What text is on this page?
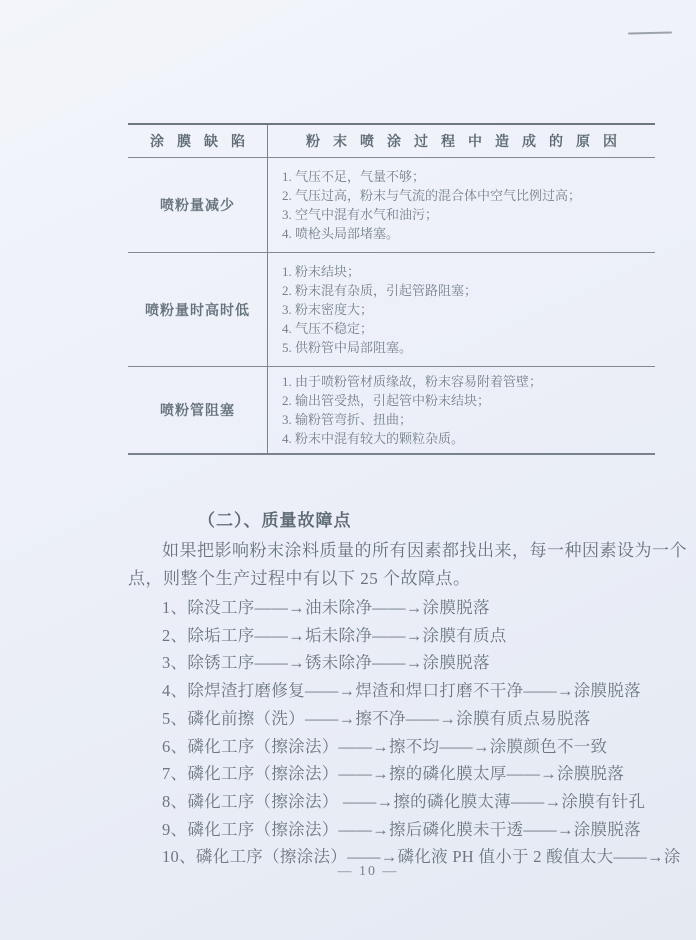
涂膜缺陷	粉末喷涂过程中造成的原因
喷粉量减少
1. 气压不足，气量不够；
2. 气压过高，粉末与气流的混合体中空气比例过高；
3. 空气中混有水气和油污；
4. 喷枪头局部堵塞。
喷粉量时高时低
1. 粉末结块；
2. 粉末混有杂质，引起管路阻塞；
3. 粉末密度大；
4. 气压不稳定；
5. 供粉管中局部阻塞。
喷粉管阻塞
1. 由于喷粉管材质缘故，粉末容易附着管壁；
2. 输出管受热，引起管中粉末结块；
3. 输粉管弯折、扭曲；
4. 粉末中混有较大的颗粒杂质。
（二）、质量故障点
如果把影响粉末涂料质量的所有因素都找出来，每一种因素设为一个
点，则整个生产过程中有以下 25 个故障点。
1、除没工序——→油未除净——→涂膜脱落
2、除垢工序——→垢未除净——→涂膜有质点
3、除锈工序——→锈未除净——→涂膜脱落
4、除焊渣打磨修复——→焊渣和焊口打磨不干净——→涂膜脱落
5、磷化前擦（洗）——→擦不净——→涂膜有质点易脱落
6、磷化工序（擦涂法）——→擦不均——→涂膜颜色不一致
7、磷化工序（擦涂法）——→擦的磷化膜太厚——→涂膜脱落
8、磷化工序（擦涂法） ——→擦的磷化膜太薄——→涂膜有针孔
9、磷化工序（擦涂法）——→擦后磷化膜未干透——→涂膜脱落
10、磷化工序（擦涂法）——→磷化液 PH 值小于 2 酸值太大——→涂
— 10 —
